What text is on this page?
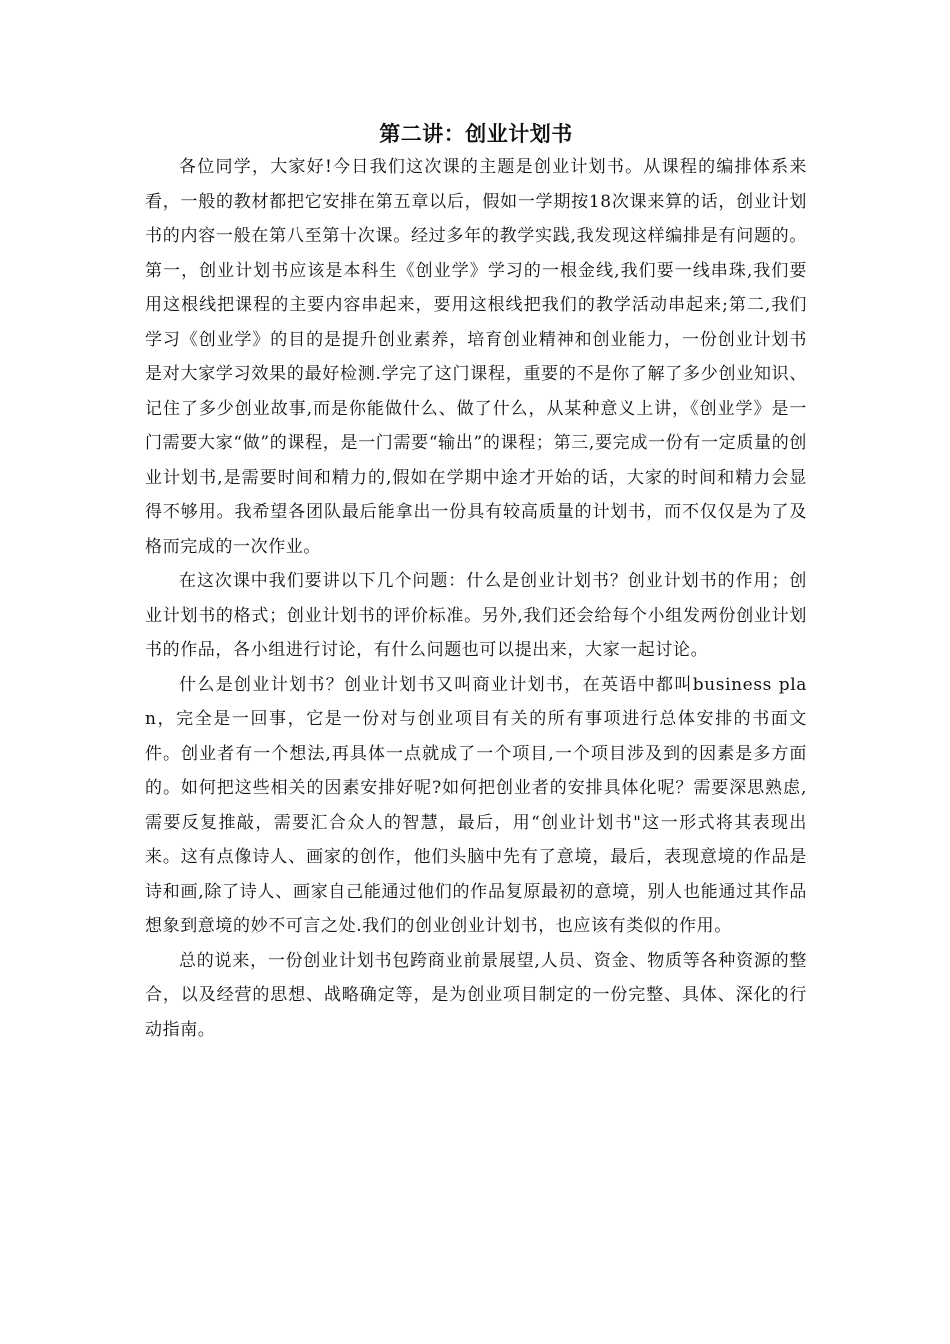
第二讲：创业计划书

各位同学，大家好!今日我们这次课的主题是创业计划书。从课程的编排体系来看，一般的教材都把它安排在第五章以后，假如一学期按18次课来算的话，创业计划书的内容一般在第八至第十次课。经过多年的教学实践,我发现这样编排是有问题的。第一，创业计划书应该是本科生《创业学》学习的一根金线,我们要一线串珠,我们要用这根线把课程的主要内容串起来，要用这根线把我们的教学活动串起来;第二,我们学习《创业学》的目的是提升创业素养，培育创业精神和创业能力，一份创业计划书是对大家学习效果的最好检测.学完了这门课程，重要的不是你了解了多少创业知识、记住了多少创业故事,而是你能做什么、做了什么，从某种意义上讲，《创业学》是一门需要大家“做”的课程，是一门需要“输出”的课程；第三,要完成一份有一定质量的创业计划书,是需要时间和精力的,假如在学期中途才开始的话，大家的时间和精力会显得不够用。我希望各团队最后能拿出一份具有较高质量的计划书，而不仅仅是为了及格而完成的一次作业。

在这次课中我们要讲以下几个问题：什么是创业计划书？创业计划书的作用；创业计划书的格式；创业计划书的评价标准。另外,我们还会给每个小组发两份创业计划书的作品，各小组进行讨论，有什么问题也可以提出来，大家一起讨论。

什么是创业计划书？创业计划书又叫商业计划书，在英语中都叫business plan，完全是一回事，它是一份对与创业项目有关的所有事项进行总体安排的书面文件。创业者有一个想法,再具体一点就成了一个项目,一个项目涉及到的因素是多方面的。如何把这些相关的因素安排好呢?如何把创业者的安排具体化呢？需要深思熟虑,需要反复推敲，需要汇合众人的智慧，最后，用“创业计划书"这一形式将其表现出来。这有点像诗人、画家的创作，他们头脑中先有了意境，最后，表现意境的作品是诗和画,除了诗人、画家自己能通过他们的作品复原最初的意境，别人也能通过其作品想象到意境的妙不可言之处.我们的创业创业计划书，也应该有类似的作用。

总的说来，一份创业计划书包跨商业前景展望,人员、资金、物质等各种资源的整合，以及经营的思想、战略确定等，是为创业项目制定的一份完整、具体、深化的行动指南。
